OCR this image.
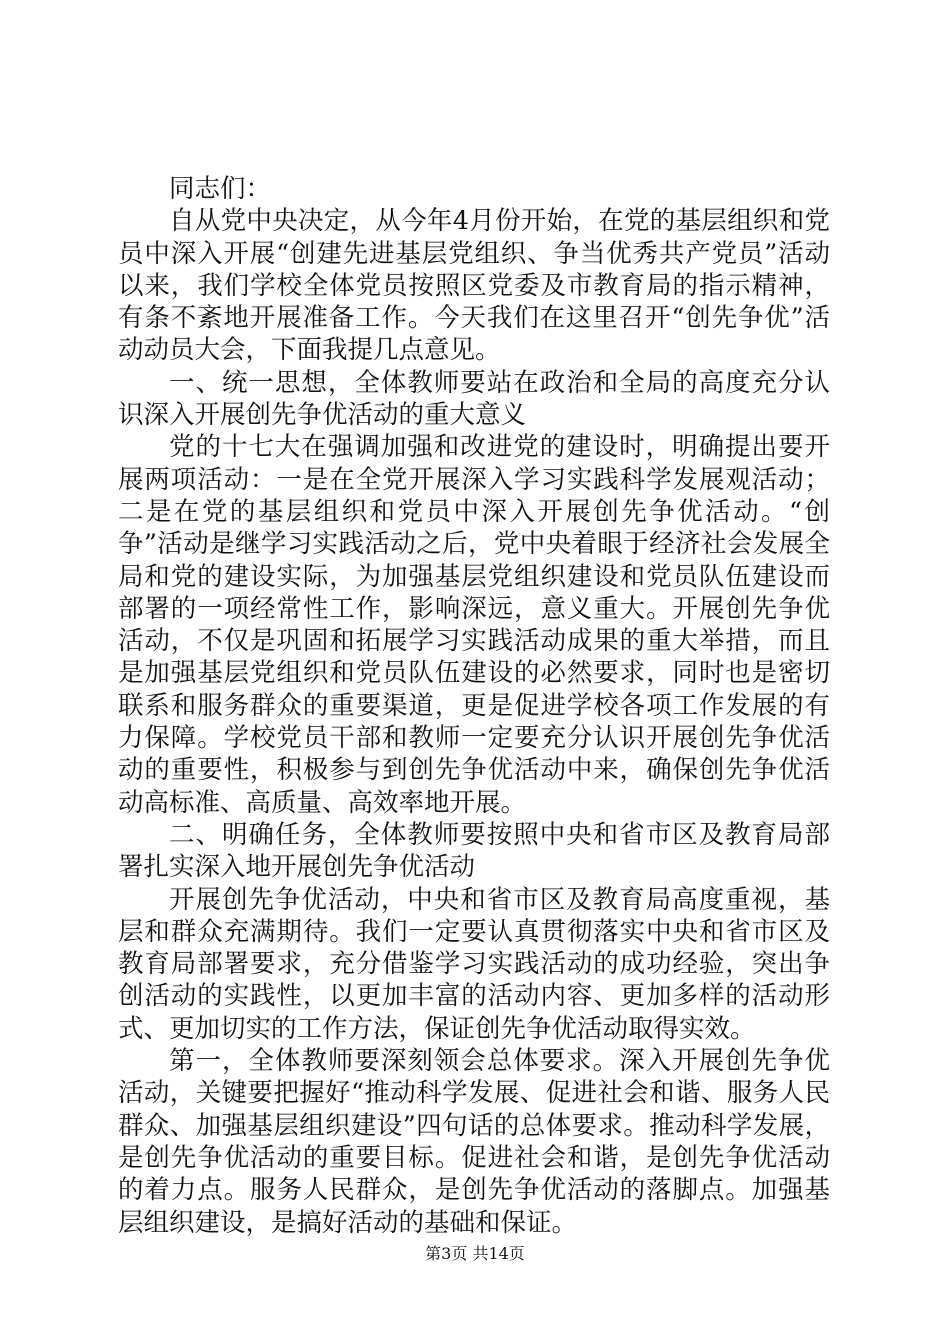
同志们：

自从党中央决定，从今年4月份开始，在党的基层组织和党员中深入开展“创建先进基层党组织、争当优秀共产党员”活动以来，我们学校全体党员按照区党委及市教育局的指示精神，有条不紊地开展准备工作。今天我们在这里召开“创先争优”活动动员大会，下面我提几点意见。

一、统一思想，全体教师要站在政治和全局的高度充分认识深入开展创先争优活动的重大意义

党的十七大在强调加强和改进党的建设时，明确提出要开展两项活动：一是在全党开展深入学习实践科学发展观活动；二是在党的基层组织和党员中深入开展创先争优活动。“创争”活动是继学习实践活动之后，党中央着眼于经济社会发展全局和党的建设实际，为加强基层党组织建设和党员队伍建设而部署的一项经常性工作，影响深远，意义重大。开展创先争优活动，不仅是巩固和拓展学习实践活动成果的重大举措，而且是加强基层党组织和党员队伍建设的必然要求，同时也是密切联系和服务群众的重要渠道，更是促进学校各项工作发展的有力保障。学校党员干部和教师一定要充分认识开展创先争优活动的重要性，积极参与到创先争优活动中来，确保创先争优活动高标准、高质量、高效率地开展。

二、明确任务，全体教师要按照中央和省市区及教育局部署扎实深入地开展创先争优活动

开展创先争优活动，中央和省市区及教育局高度重视，基层和群众充满期待。我们一定要认真贯彻落实中央和省市区及教育局部署要求，充分借鉴学习实践活动的成功经验，突出争创活动的实践性，以更加丰富的活动内容、更加多样的活动形式、更加切实的工作方法，保证创先争优活动取得实效。

第一，全体教师要深刻领会总体要求。深入开展创先争优活动，关键要把握好“推动科学发展、促进社会和谐、服务人民群众、加强基层组织建设”四句话的总体要求。推动科学发展，是创先争优活动的重要目标。促进社会和谐，是创先争优活动的着力点。服务人民群众，是创先争优活动的落脚点。加强基层组织建设，是搞好活动的基础和保证。

第3页 共14页
